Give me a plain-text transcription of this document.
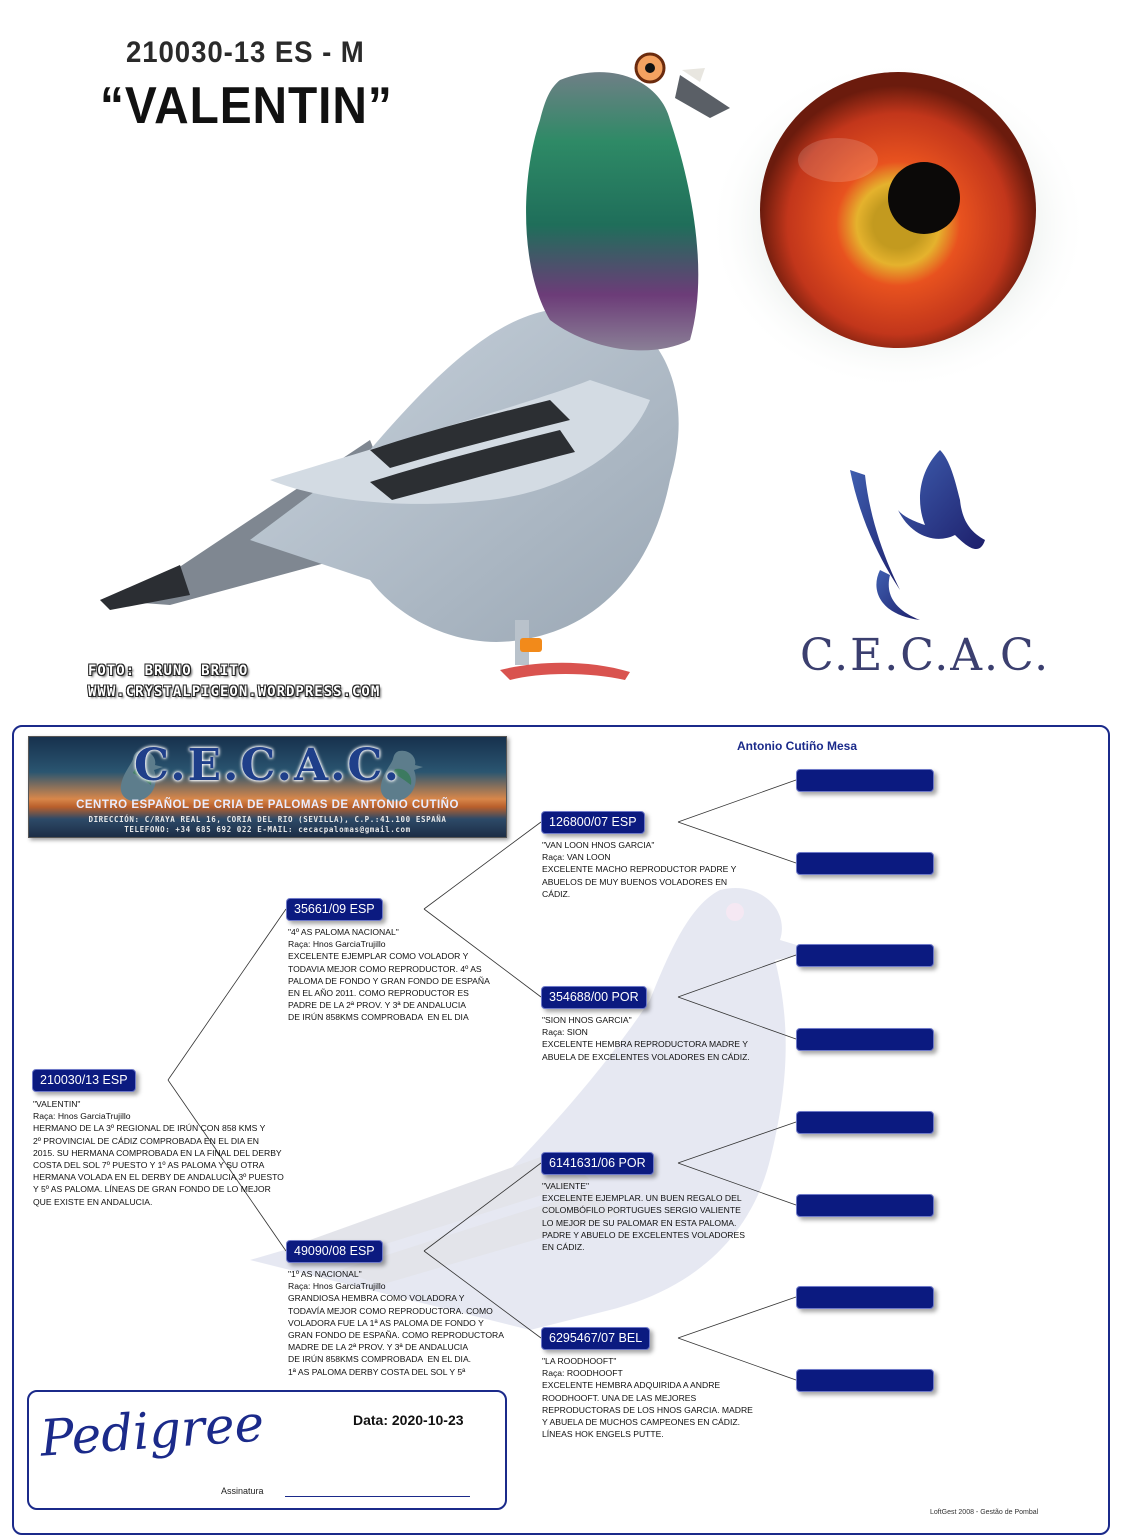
210030-13 ES - M
“VALENTIN”
C.E.C.A.C.
FOTO: BRUNO BRITO
WWW.CRYSTALPIGEON.WORDPRESS.COM
C.E.C.A.C.
CENTRO ESPAÑOL DE CRIA DE PALOMAS DE ANTONIO CUTIÑO
DIRECCIÓN: C/RAYA REAL 16, CORIA DEL RIO (SEVILLA), C.P.:41.100 ESPAÑA
TELEFONO: +34 685 692 022 E-MAIL: cecacpalomas@gmail.com
Antonio Cutiño Mesa
210030/13 ESP
"VALENTIN"
Raça: Hnos GarciaTrujillo
HERMANO DE LA 3º REGIONAL DE IRÚN CON 858 KMS Y
2º PROVINCIAL DE CÁDIZ COMPROBADA EN EL DIA EN
2015. SU HERMANA COMPROBADA EN LA FINAL DEL DERBY
COSTA DEL SOL 7º PUESTO Y 1º AS PALOMA Y SU OTRA
HERMANA VOLADA EN EL DERBY DE ANDALUCIA 3º PUESTO
Y 5º AS PALOMA. LÍNEAS DE GRAN FONDO DE LO MEJOR
QUE EXISTE EN ANDALUCIA.
35661/09 ESP
"4º AS PALOMA NACIONAL"
Raça: Hnos GarciaTrujillo
EXCELENTE EJEMPLAR COMO VOLADOR Y
TODAVIA MEJOR COMO REPRODUCTOR. 4º AS
PALOMA DE FONDO Y GRAN FONDO DE ESPAÑA
EN EL AÑO 2011. COMO REPRODUCTOR ES
PADRE DE LA 2ª PROV. Y 3ª DE ANDALUCIA
DE IRÚN 858KMS COMPROBADA  EN EL DIA
49090/08 ESP
"1º AS NACIONAL"
Raça: Hnos GarciaTrujillo
GRANDIOSA HEMBRA COMO VOLADORA Y
TODAVÍA MEJOR COMO REPRODUCTORA. COMO
VOLADORA FUE LA 1ª AS PALOMA DE FONDO Y
GRAN FONDO DE ESPAÑA. COMO REPRODUCTORA
MADRE DE LA 2ª PROV. Y 3ª DE ANDALUCIA
DE IRÚN 858KMS COMPROBADA  EN EL DIA.
1ª AS PALOMA DERBY COSTA DEL SOL Y 5ª
126800/07 ESP
"VAN LOON HNOS GARCIA"
Raça: VAN LOON
EXCELENTE MACHO REPRODUCTOR PADRE Y
ABUELOS DE MUY BUENOS VOLADORES EN
CÁDIZ.
354688/00 POR
"SION HNOS GARCIA"
Raça: SION
EXCELENTE HEMBRA REPRODUCTORA MADRE Y
ABUELA DE EXCELENTES VOLADORES EN CÁDIZ.
6141631/06 POR
"VALIENTE"
EXCELENTE EJEMPLAR. UN BUEN REGALO DEL
COLOMBÓFILO PORTUGUES SERGIO VALIENTE
LO MEJOR DE SU PALOMAR EN ESTA PALOMA.
PADRE Y ABUELO DE EXCELENTES VOLADORES
EN CÁDIZ.
6295467/07 BEL
"LA ROODHOOFT"
Raça: ROODHOOFT
EXCELENTE HEMBRA ADQUIRIDA A ANDRE
ROODHOOFT. UNA DE LAS MEJORES
REPRODUCTORAS DE LOS HNOS GARCIA. MADRE
Y ABUELA DE MUCHOS CAMPEONES EN CÁDIZ.
LÍNEAS HOK ENGELS PUTTE.
Pedigree	Data: 2020-10-23
Assinatura
LoftGest 2008 - Gestão de Pombal
